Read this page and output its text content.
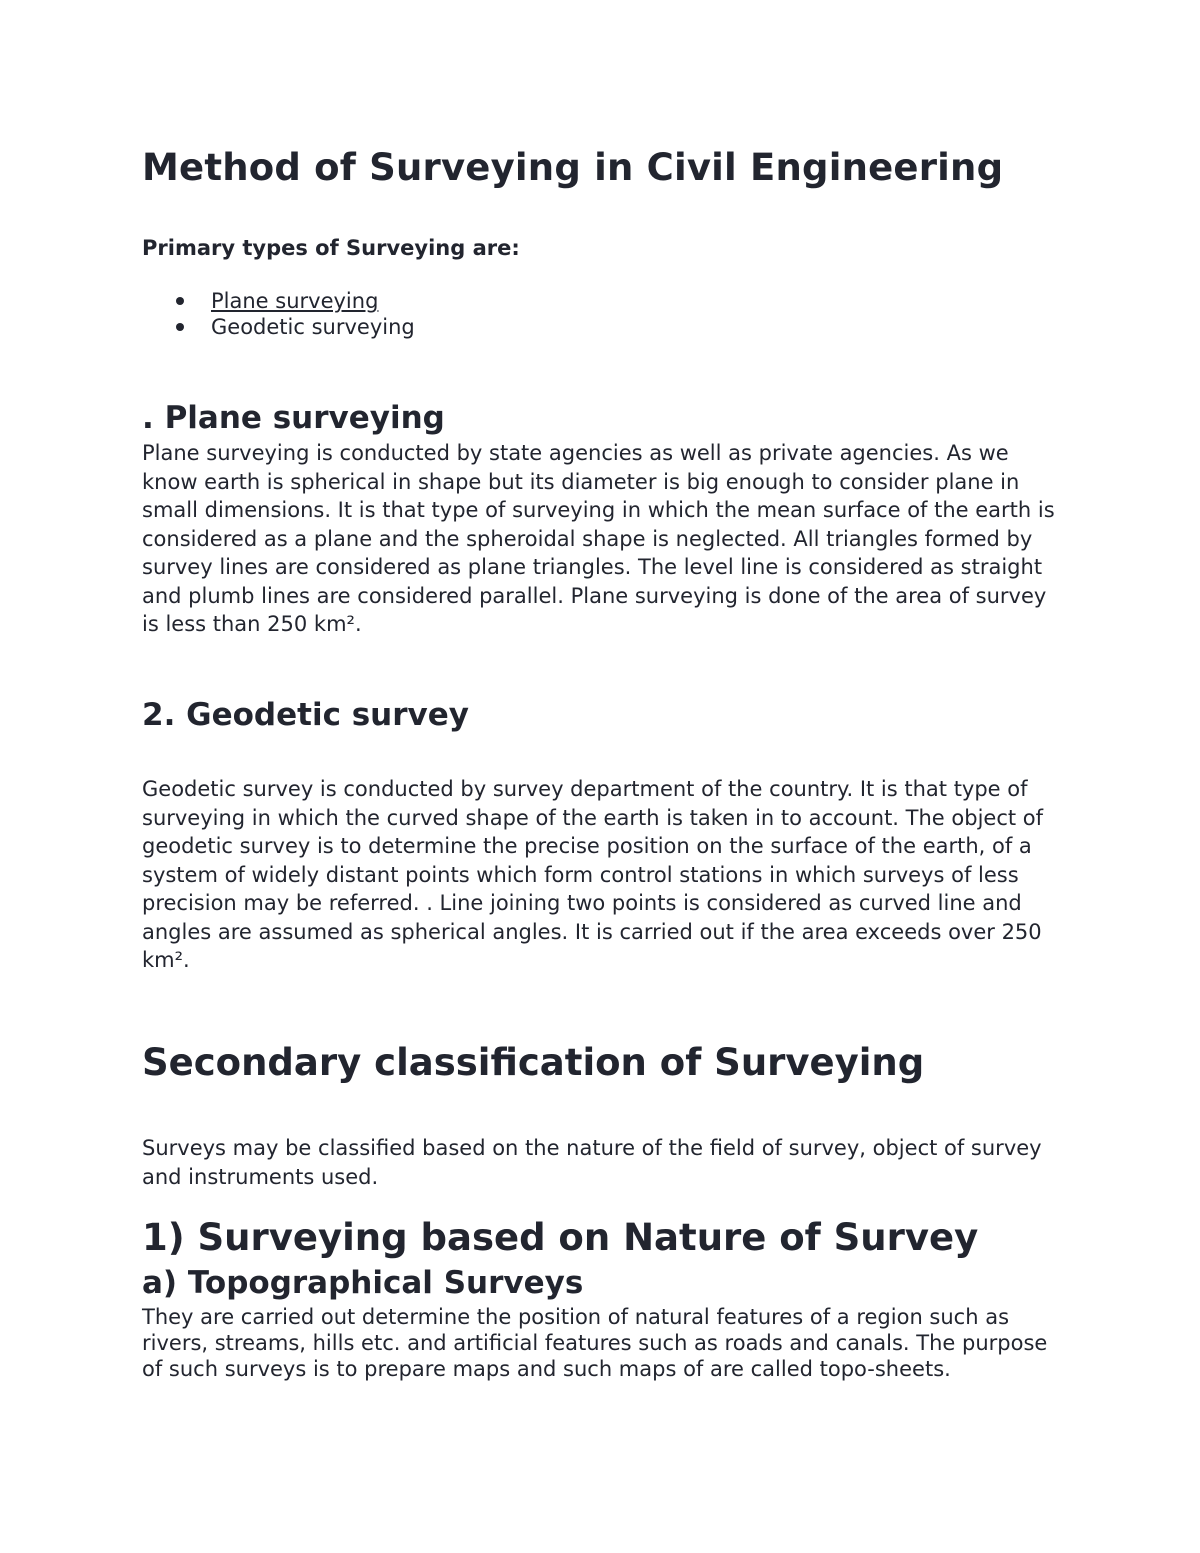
Method of Surveying in Civil Engineering

Primary types of Surveying are:

Plane surveying
Geodetic surveying
. Plane surveying

Plane surveying is conducted by state agencies as well as private agencies. As we know earth is spherical in shape but its diameter is big enough to consider plane in small dimensions. It is that type of surveying in which the mean surface of the earth is considered as a plane and the spheroidal shape is neglected. All triangles formed by survey lines are considered as plane triangles. The level line is considered as straight and plumb lines are considered parallel. Plane surveying is done of the area of survey is less than 250 km².

2. Geodetic survey

Geodetic survey is conducted by survey department of the country. It is that type of surveying in which the curved shape of the earth is taken in to account. The object of geodetic survey is to determine the precise position on the surface of the earth, of a system of widely distant points which form control stations in which surveys of less precision may be referred. . Line joining two points is considered as curved line and angles are assumed as spherical angles. It is carried out if the area exceeds over 250 km².

Secondary classification of Surveying

Surveys may be classified based on the nature of the field of survey, object of survey and instruments used.

1) Surveying based on Nature of Survey
a) Topographical Surveys

They are carried out determine the position of natural features of a region such as rivers, streams, hills etc. and artificial features such as roads and canals. The purpose of such surveys is to prepare maps and such maps of are called topo-sheets.
